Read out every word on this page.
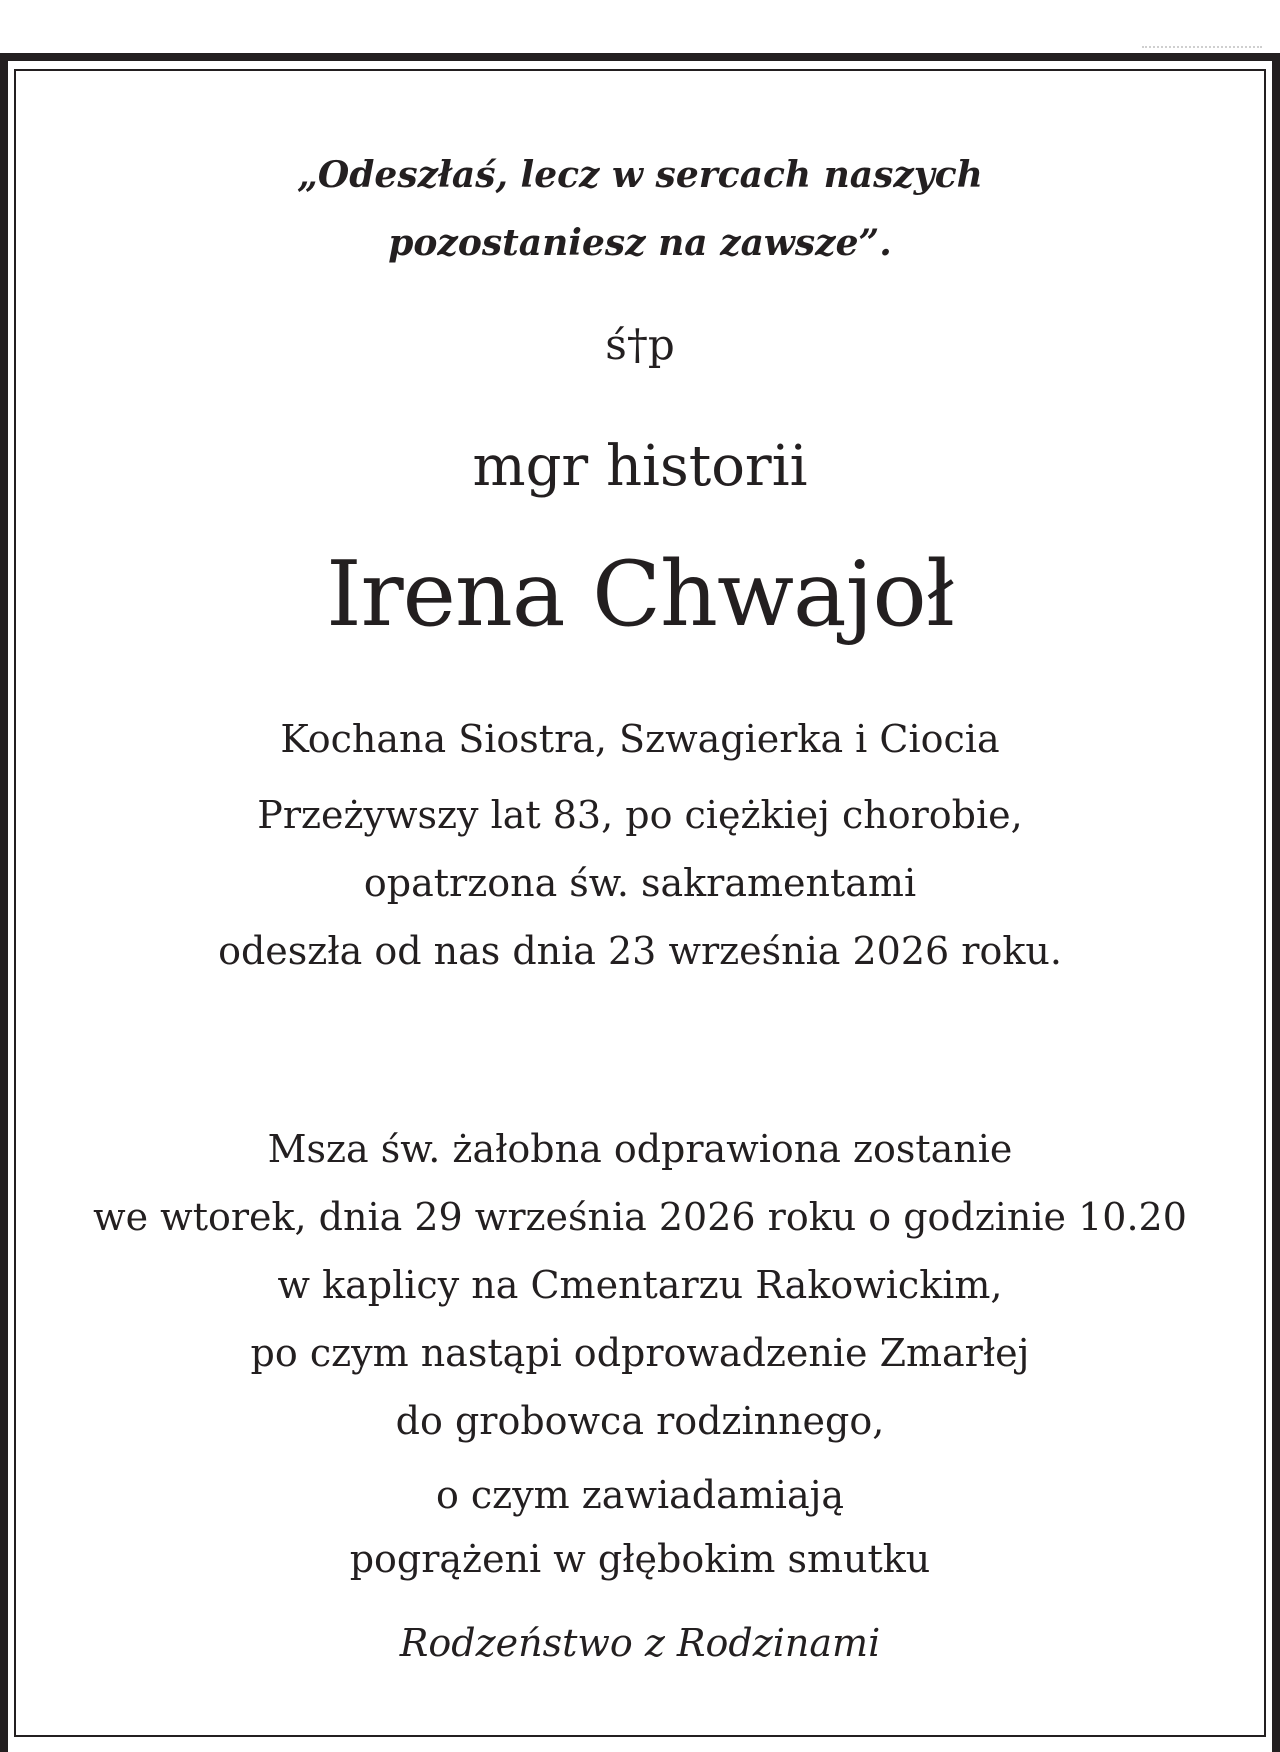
„Odeszłaś, lecz w sercach naszych
pozostaniesz na zawsze”.

ś†p

mgr historii

Irena Chwajoł

Kochana Siostra, Szwagierka i Ciocia

Przeżywszy lat 83, po ciężkiej chorobie,
opatrzona św. sakramentami
odeszła od nas dnia 23 września 2026 roku.

Msza św. żałobna odprawiona zostanie
we wtorek, dnia 29 września 2026 roku o godzinie 10.20
w kaplicy na Cmentarzu Rakowickim,
po czym nastąpi odprowadzenie Zmarłej
do grobowca rodzinnego,

o czym zawiadamiają
pogrążeni w głębokim smutku

Rodzeństwo z Rodzinami
